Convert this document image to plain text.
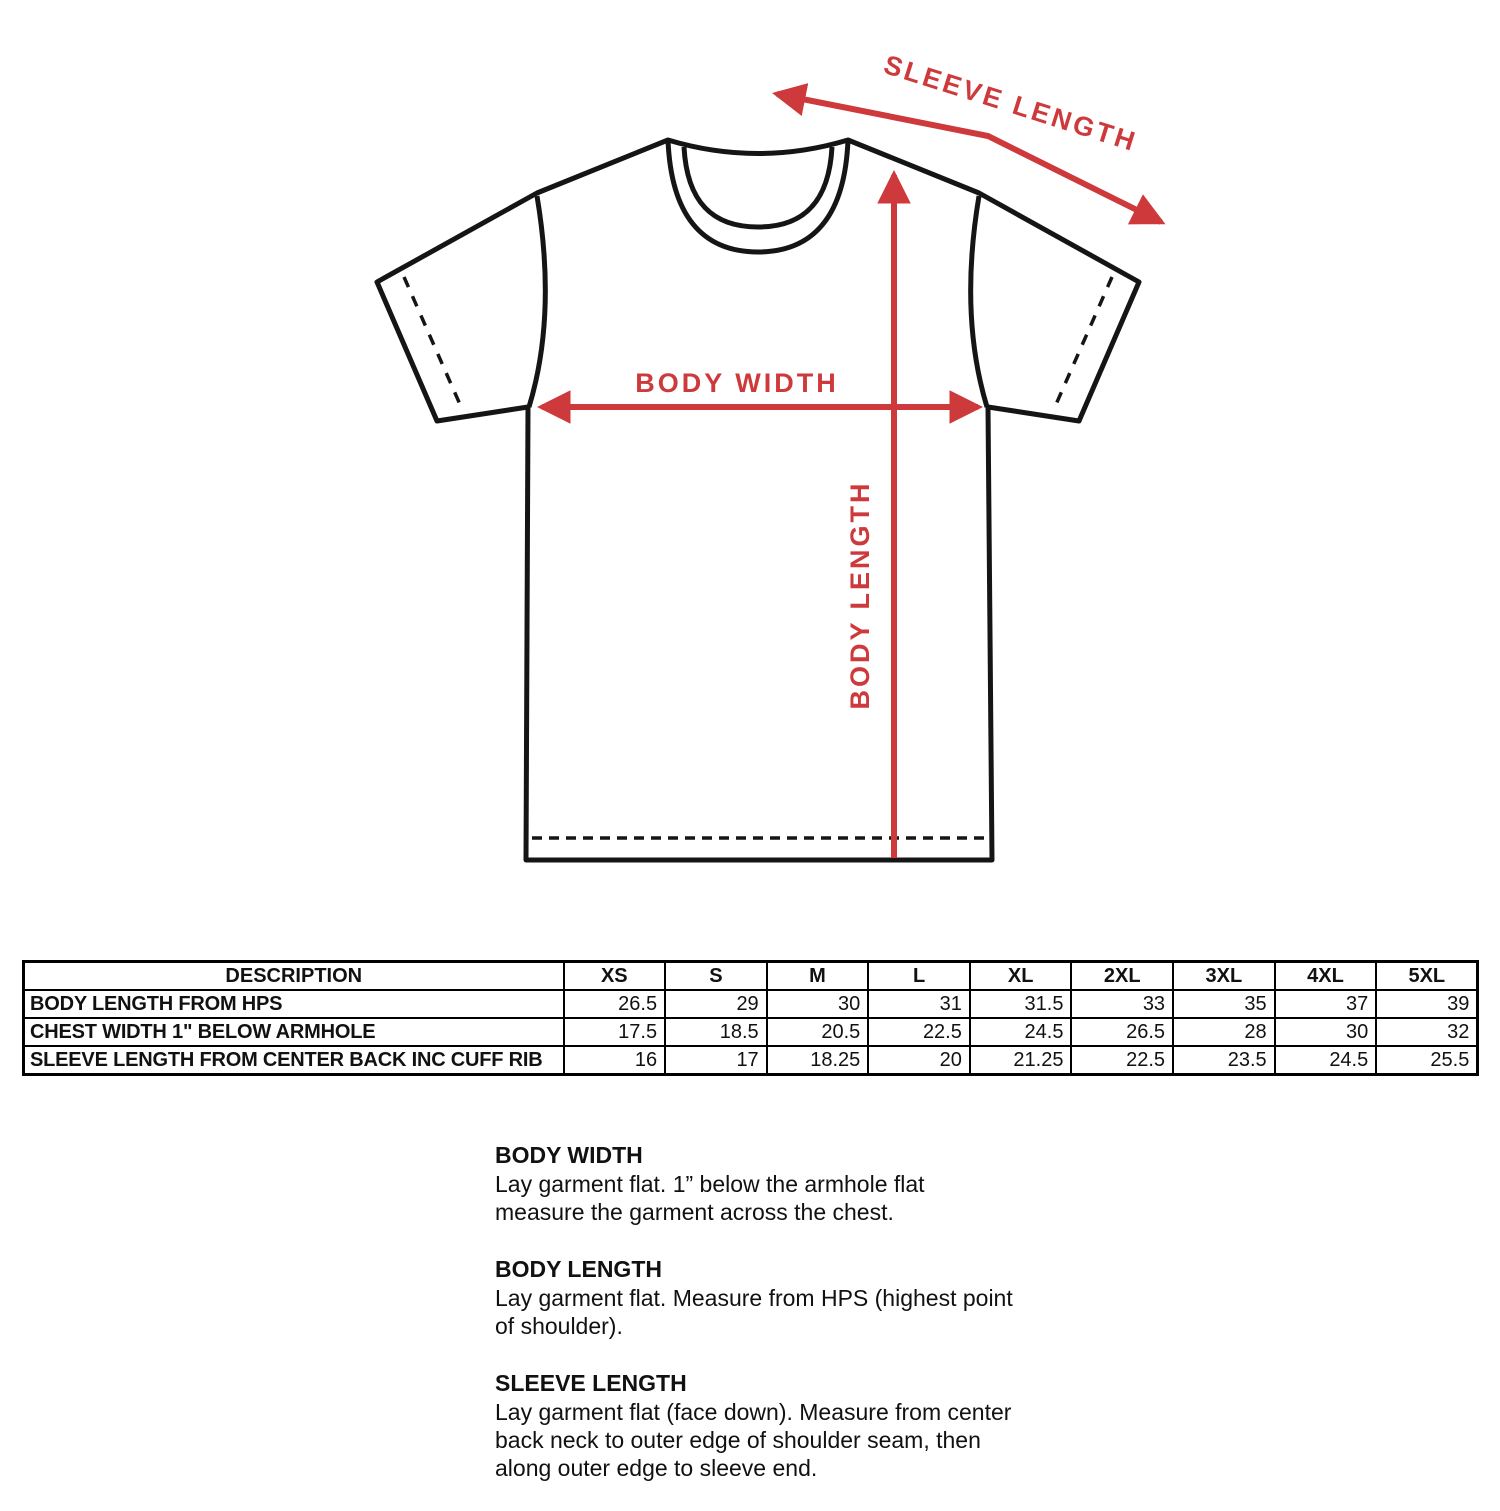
SLEEVE LENGTH
BODY WIDTH
BODY LENGTH
DESCRIPTION	XS	S	M	L	XL	2XL	3XL	4XL	5XL
BODY LENGTH FROM HPS	26.5	29	30	31	31.5	33	35	37	39
CHEST WIDTH 1" BELOW ARMHOLE	17.5	18.5	20.5	22.5	24.5	26.5	28	30	32
SLEEVE LENGTH FROM CENTER BACK INC CUFF RIB	16	17	18.25	20	21.25	22.5	23.5	24.5	25.5
BODY WIDTH

Lay garment flat. 1” below the armhole flat measure the garment across the chest.

BODY LENGTH

Lay garment flat. Measure from HPS (highest point of shoulder).

SLEEVE LENGTH

Lay garment flat (face down). Measure from center back neck to outer edge of shoulder seam, then along outer edge to sleeve end.
